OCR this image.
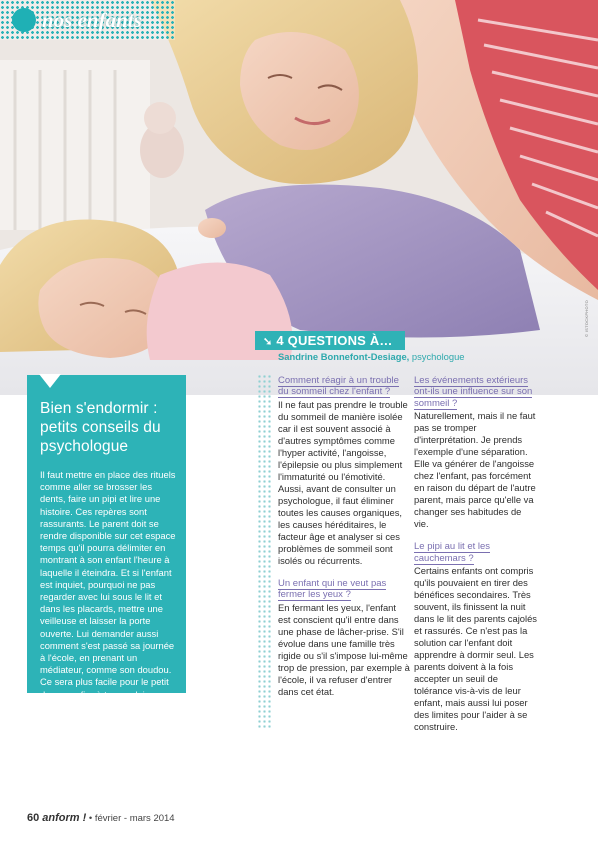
© ISTOCKPHOTO
nos enfants
Bien s'endormir : petits conseils du psychologue

Il faut mettre en place des rituels comme aller se brosser les dents, faire un pipi et lire une histoire. Ces repères sont rassurants. Le parent doit se rendre disponible sur cet espace temps qu'il pourra délimiter en montrant à son enfant l'heure à laquelle il éteindra. Et si l'enfant est inquiet, pourquoi ne pas regarder avec lui sous le lit et dans les placards, mettre une veilleuse et laisser la porte ouverte. Lui demander aussi comment s'est passé sa journée à l'école, en prenant un médiateur, comme son doudou. Ce sera plus facile pour le petit de se confier à travers lui.

➘ 4 QUESTIONS À…
Sandrine Bonnefont-Desiage, psychologue
Comment réagir à un trouble du sommeil chez l'enfant ?

Il ne faut pas prendre le trouble du sommeil de manière isolée car il est souvent associé à d'autres symptômes comme l'hyper activité, l'angoisse, l'épilepsie ou plus simplement l'immaturité ou l'émotivité. Aussi, avant de consulter un psychologue, il faut éliminer toutes les causes organiques, les causes héréditaires, le facteur âge et analyser si ces problèmes de sommeil sont isolés ou récurrents.

Un enfant qui ne veut pas fermer les yeux ?

En fermant les yeux, l'enfant est conscient qu'il entre dans une phase de lâcher-prise. S'il évolue dans une famille très rigide ou s'il s'impose lui-même trop de pression, par exemple à l'école, il va refuser d'entrer dans cet état.

Les événements extérieurs ont-ils une influence sur son sommeil ?

Naturellement, mais il ne faut pas se tromper d'interprétation. Je prends l'exemple d'une séparation. Elle va générer de l'angoisse chez l'enfant, pas forcément en raison du départ de l'autre parent, mais parce qu'elle va changer ses habitudes de vie.

Le pipi au lit et les cauchemars ?

Certains enfants ont compris qu'ils pouvaient en tirer des bénéfices secondaires. Très souvent, ils finissent la nuit dans le lit des parents cajolés et rassurés. Ce n'est pas la solution car l'enfant doit apprendre à dormir seul. Les parents doivent à la fois accepter un seuil de tolérance vis-à-vis de leur enfant, mais aussi lui poser des limites pour l'aider à se construire.

60 anform ! • février - mars 2014
